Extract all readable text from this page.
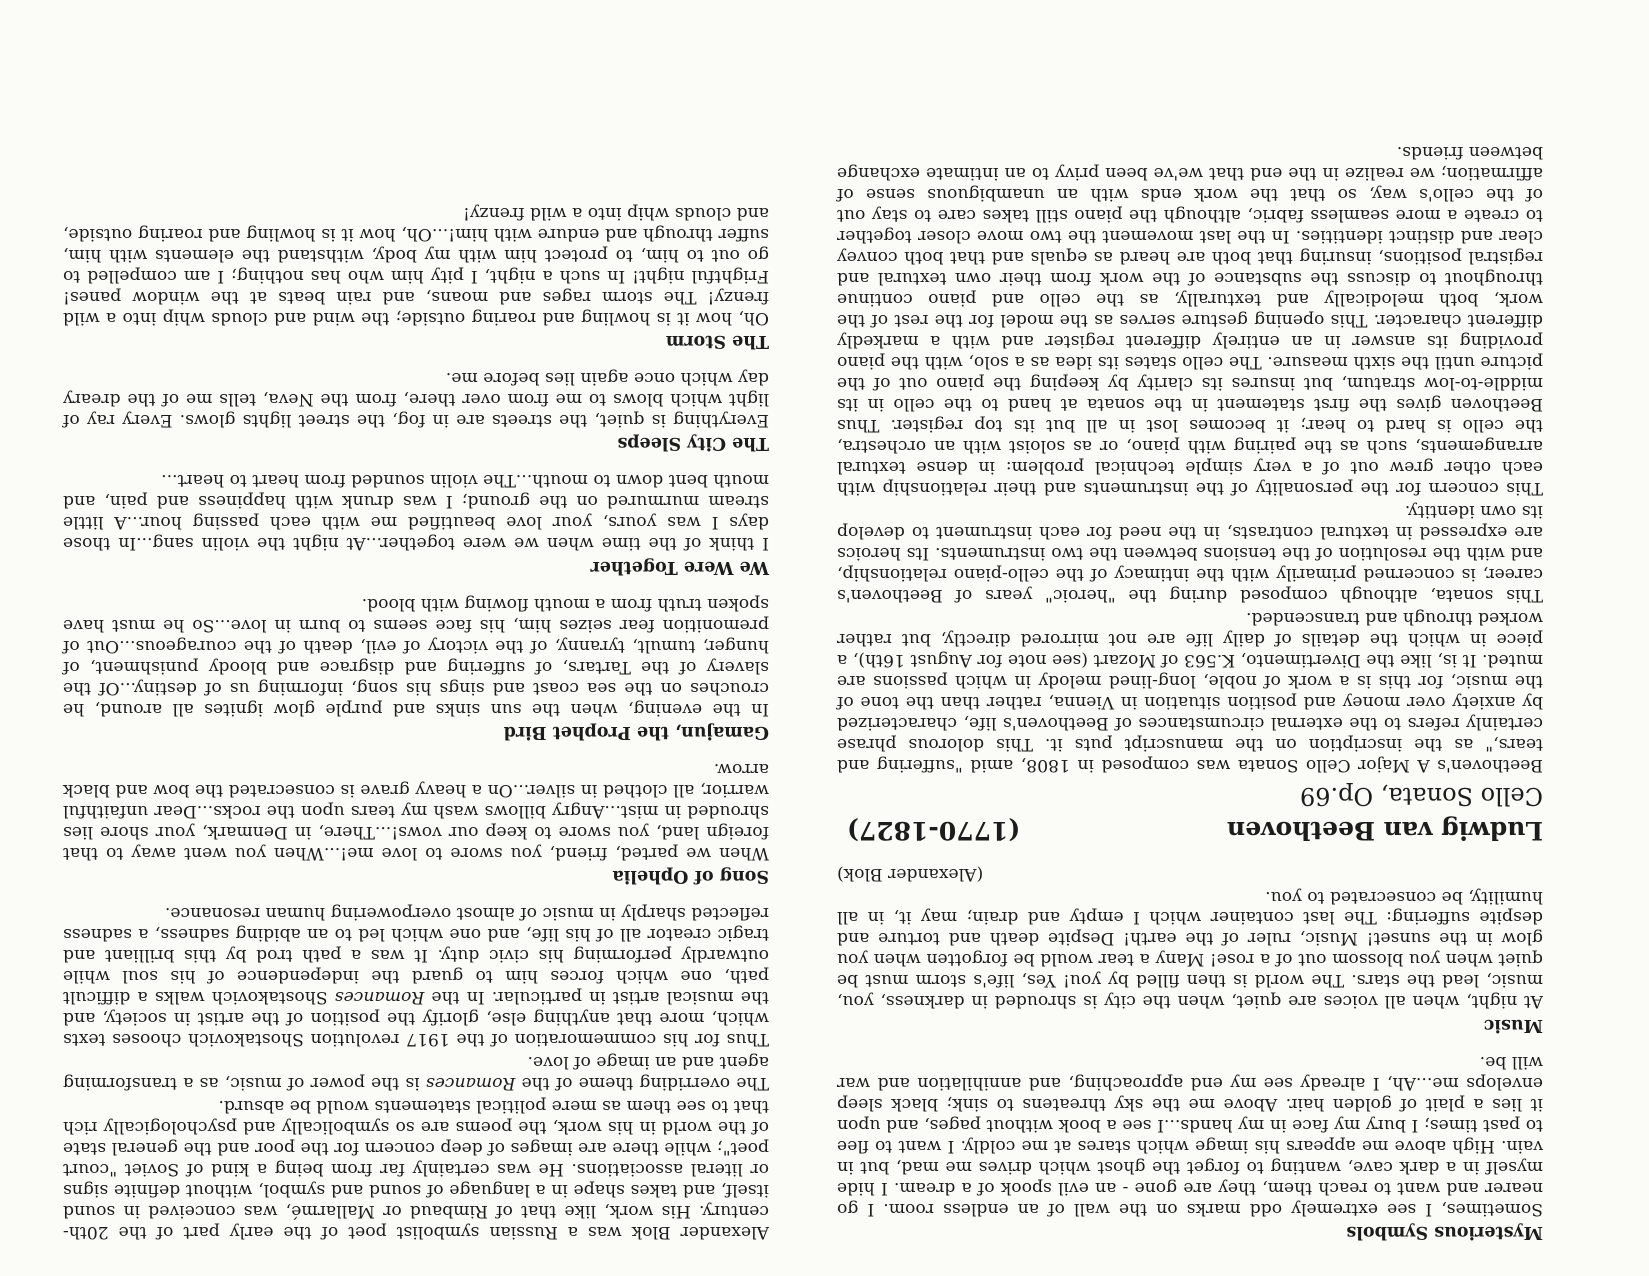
Mysterious Symbols

Sometimes, I see extremely odd marks on the wall of an endless room. I go nearer and want to reach them, they are gone - an evil spook of a dream. I hide myself in a dark cave, wanting to forget the ghost which drives me mad, but in vain. High above me appears his image which stares at me coldly. I want to flee to past times; I bury my face in my hands...I see a book without pages, and upon it lies a plait of golden hair. Above me the sky threatens to sink; black sleep envelops me...Ah, I already see my end approaching, and annihilation and war will be.

Music

At night, when all voices are quiet, when the city is shrouded in darkness, you, music, lead the stars. The world is then filled by you! Yes, life's storm must be quiet when you blossom out of a rose! Many a tear would be forgotten when you glow in the sunset! Music, ruler of the earth! Despite death and torture and despite suffering: The last container which I empty and drain; may it, in all humility, be consecrated to you.

(Alexander Blok)
Ludwig van Beethoven
(1770-1827)
Cello Sonata, Op.69

Beethoven's A Major Cello Sonata was composed in 1808, amid "suffering and tears," as the inscription on the manuscript puts it. This dolorous phrase certainly refers to the external circumstances of Beethoven's life, characterized by anxiety over money and position situation in Vienna, rather than the tone of the music, for this is a work of noble, long-lined melody in which passions are muted. It is, like the Divertimento, K.563 of Mozart (see note for August 16th), a piece in which the details of daily life are not mirrored directly, but rather worked through and transcended.

This sonata, although composed during the "heroic" years of Beethoven's career, is concerned primarily with the intimacy of the cello-piano relationship, and with the resolution of the tensions between the two instruments. Its heroics are expressed in textural contrasts, in the need for each instrument to develop its own identity.

This concern for the personality of the instruments and their relationship with each other grew out of a very simple technical problem: in dense textural arrangements, such as the pairing with piano, or as soloist with an orchestra, the cello is hard to hear; it becomes lost in all but its top register. Thus Beethoven gives the first statement in the sonata at hand to the cello in its middle-to-low stratum, but insures its clarity by keeping the piano out of the picture until the sixth measure. The cello states its idea as a solo, with the piano providing its answer in an entirely different register and with a markedly different character. This opening gesture serves as the model for the rest of the work, both melodically and texturally, as the cello and piano continue throughout to discuss the substance of the work from their own textural and registral positions, insuring that both are heard as equals and that both convey clear and distinct identities. In the last movement the two move closer together to create a more seamless fabric, although the piano still takes care to stay out of the cello's way, so that the work ends with an unambiguous sense of affirmation; we realize in the end that we've been privy to an intimate exchange between friends.

Alexander Blok was a Russian symbolist poet of the early part of the 20th-century. His work, like that of Rimbaud or Mallarmé, was conceived in sound itself, and takes shape in a language of sound and symbol, without definite signs or literal associations. He was certainly far from being a kind of Soviet "court poet"; while there are images of deep concern for the poor and the general state of the world in his work, the poems are so symbolically and psychologically rich that to see them as mere political statements would be absurd.

The overriding theme of the Romances is the power of music, as a transforming agent and an image of love.

Thus for his commemoration of the 1917 revolution Shostakovich chooses texts which, more that anything else, glorify the position of the artist in society, and the musical artist in particular. In the Romances Shostakovich walks a difficult path, one which forces him to guard the independence of his soul while outwardly performing his civic duty. It was a path trod by this brilliant and tragic creator all of his life, and one which led to an abiding sadness, a sadness reflected sharply in music of almost overpowering human resonance.

Song of Ophelia

When we parted, friend, you swore to love me!...When you went away to that foreign land, you swore to keep our vows!...There, in Denmark, your shore lies shrouded in mist...Angry billows wash my tears upon the rocks...Dear unfaithful warrior, all clothed in silver...On a heavy grave is consecrated the bow and black arrow.

Gamajun, the Prophet Bird

In the evening, when the sun sinks and purple glow ignites all around, he crouches on the sea coast and sings his song, informing us of destiny...Of the slavery of the Tartars, of suffering and disgrace and bloody punishment, of hunger, tumult, tyranny, of the victory of evil, death of the courageous...Out of premonition fear seizes him, his face seems to burn in love...So he must have spoken truth from a mouth flowing with blood.

We Were Together

I think of the time when we were together...At night the violin sang...In those days I was yours, your love beautified me with each passing hour...A little stream murmured on the ground; I was drunk with happiness and pain, and mouth bent down to mouth...The violin sounded from heart to heart...

The City Sleeps

Everything is quiet, the streets are in fog, the street lights glows. Every ray of light which blows to me from over there, from the Neva, tells me of the dreary day which once again lies before me.

The Storm

Oh, how it is howling and roaring outside; the wind and clouds whip into a wild frenzy! The storm rages and moans, and rain beats at the window panes! Frightful night! In such a night, I pity him who has nothing; I am compelled to go out to him, to protect him with my body, withstand the elements with him, suffer through and endure with him!...Oh, how it is howling and roaring outside, and clouds whip into a wild frenzy!
